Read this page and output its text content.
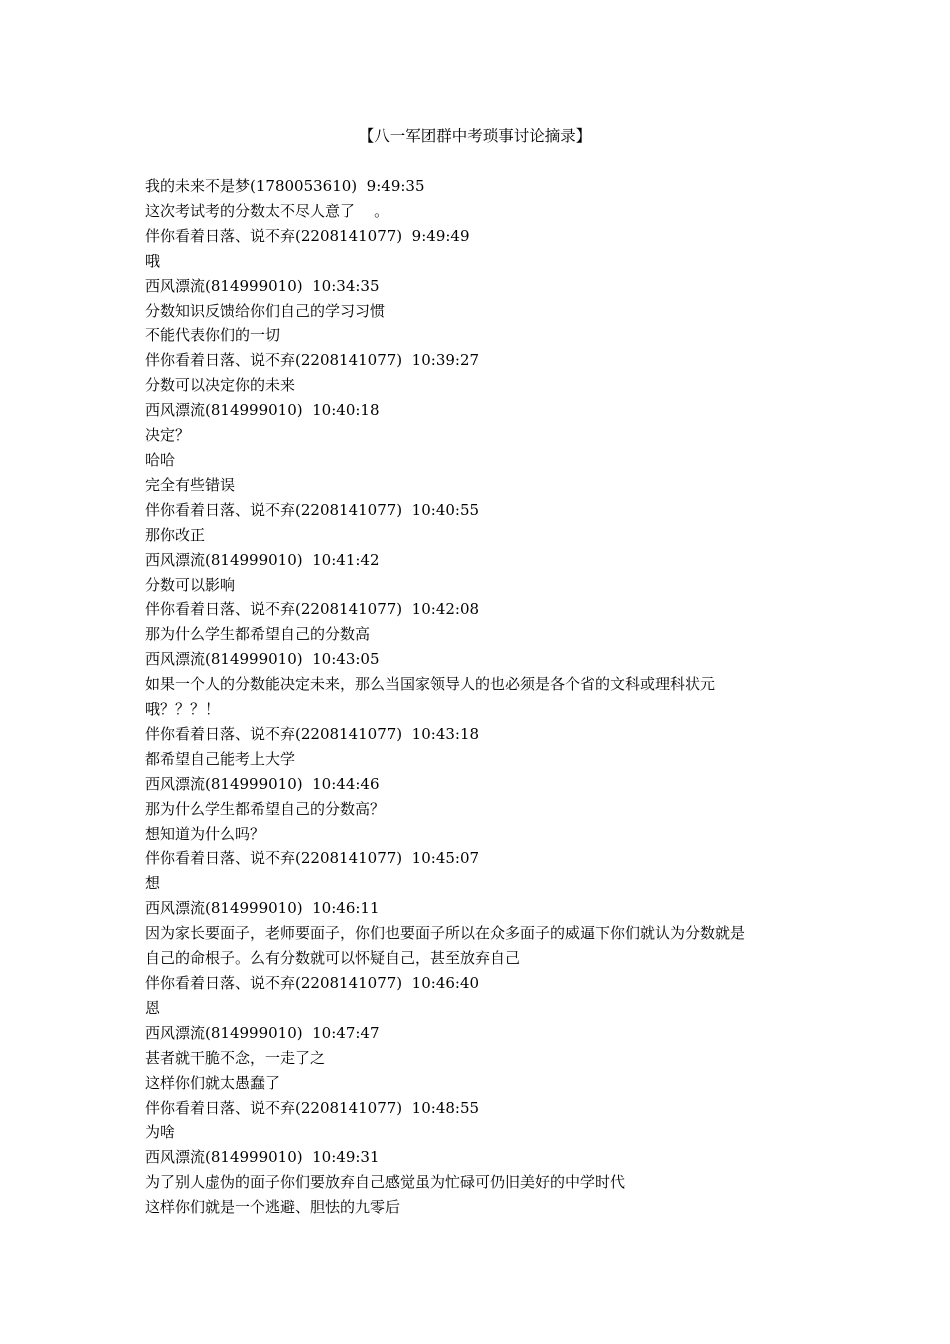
【八一军团群中考琐事讨论摘录】
我的未来不是梦(1780053610)  9:49:35
这次考试考的分数太不尽人意了    。
伴你看着日落、说不弃(2208141077)  9:49:49
哦
西风漂流(814999010)  10:34:35
分数知识反馈给你们自己的学习习惯
不能代表你们的一切
伴你看着日落、说不弃(2208141077)  10:39:27
分数可以决定你的未来
西风漂流(814999010)  10:40:18
决定？
哈哈
完全有些错误
伴你看着日落、说不弃(2208141077)  10:40:55
那你改正
西风漂流(814999010)  10:41:42
分数可以影响
伴你看着日落、说不弃(2208141077)  10:42:08
那为什么学生都希望自己的分数高
西风漂流(814999010)  10:43:05
如果一个人的分数能决定未来，那么当国家领导人的也必须是各个省的文科或理科状元
哦？？？！
伴你看着日落、说不弃(2208141077)  10:43:18
都希望自己能考上大学
西风漂流(814999010)  10:44:46
那为什么学生都希望自己的分数高？
想知道为什么吗？
伴你看着日落、说不弃(2208141077)  10:45:07
想
西风漂流(814999010)  10:46:11
因为家长要面子，老师要面子，你们也要面子所以在众多面子的威逼下你们就认为分数就是
自己的命根子。么有分数就可以怀疑自己，甚至放弃自己
伴你看着日落、说不弃(2208141077)  10:46:40
恩
西风漂流(814999010)  10:47:47
甚者就干脆不念，一走了之
这样你们就太愚蠢了
伴你看着日落、说不弃(2208141077)  10:48:55
为啥
西风漂流(814999010)  10:49:31
为了别人虚伪的面子你们要放弃自己感觉虽为忙碌可仍旧美好的中学时代
这样你们就是一个逃避、胆怯的九零后
